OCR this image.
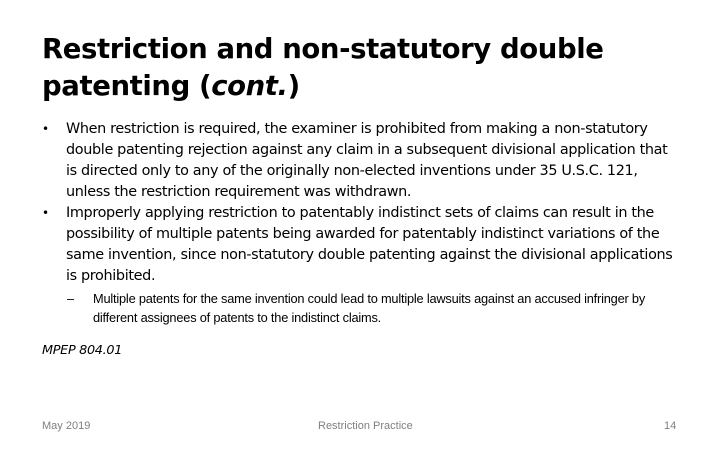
Restriction and non-statutory double patenting (cont.)
• When restriction is required, the examiner is prohibited from making a non-statutory double patenting rejection against any claim in a subsequent divisional application that is directed only to any of the originally non-elected inventions under 35 U.S.C. 121, unless the restriction requirement was withdrawn.
• Improperly applying restriction to patentably indistinct sets of claims can result in the possibility of multiple patents being awarded for patentably indistinct variations of the same invention, since non-statutory double patenting against the divisional applications is prohibited.
– Multiple patents for the same invention could lead to multiple lawsuits against an accused infringer by different assignees of patents to the indistinct claims.
MPEP 804.01
May 2019	Restriction Practice	14
